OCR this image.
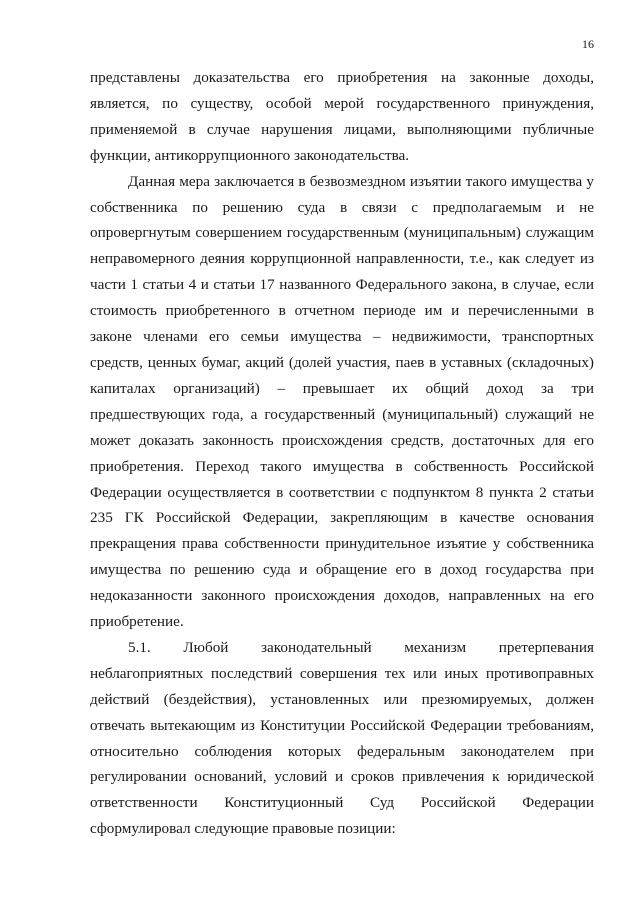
16

представлены доказательства его приобретения на законные доходы,

является, по существу, особой мерой государственного принуждения,

применяемой в случае нарушения лицами, выполняющими публичные

функции, антикоррупционного законодательства.

Данная мера заключается в безвозмездном изъятии такого имущества у

собственника по решению суда в связи с предполагаемым и не

опровергнутым совершением государственным (муниципальным) служащим

неправомерного деяния коррупционной направленности, т.е., как следует из

части 1 статьи 4 и статьи 17 названного Федерального закона, в случае, если

стоимость приобретенного в отчетном периоде им и перечисленными в

законе членами его семьи имущества – недвижимости, транспортных

средств, ценных бумаг, акций (долей участия, паев в уставных (складочных)

капиталах организаций) – превышает их общий доход за три

предшествующих года, а государственный (муниципальный) служащий не

может доказать законность происхождения средств, достаточных для его

приобретения. Переход такого имущества в собственность Российской

Федерации осуществляется в соответствии с подпунктом 8 пункта 2 статьи

235 ГК Российской Федерации, закрепляющим в качестве основания

прекращения права собственности принудительное изъятие у собственника

имущества по решению суда и обращение его в доход государства при

недоказанности законного происхождения доходов, направленных на его

приобретение.

5.1. Любой законодательный механизм претерпевания

неблагоприятных последствий совершения тех или иных противоправных

действий (бездействия), установленных или презюмируемых, должен

отвечать вытекающим из Конституции Российской Федерации требованиям,

относительно соблюдения которых федеральным законодателем при

регулировании оснований, условий и сроков привлечения к юридической

ответственности Конституционный Суд Российской Федерации

сформулировал следующие правовые позиции:
